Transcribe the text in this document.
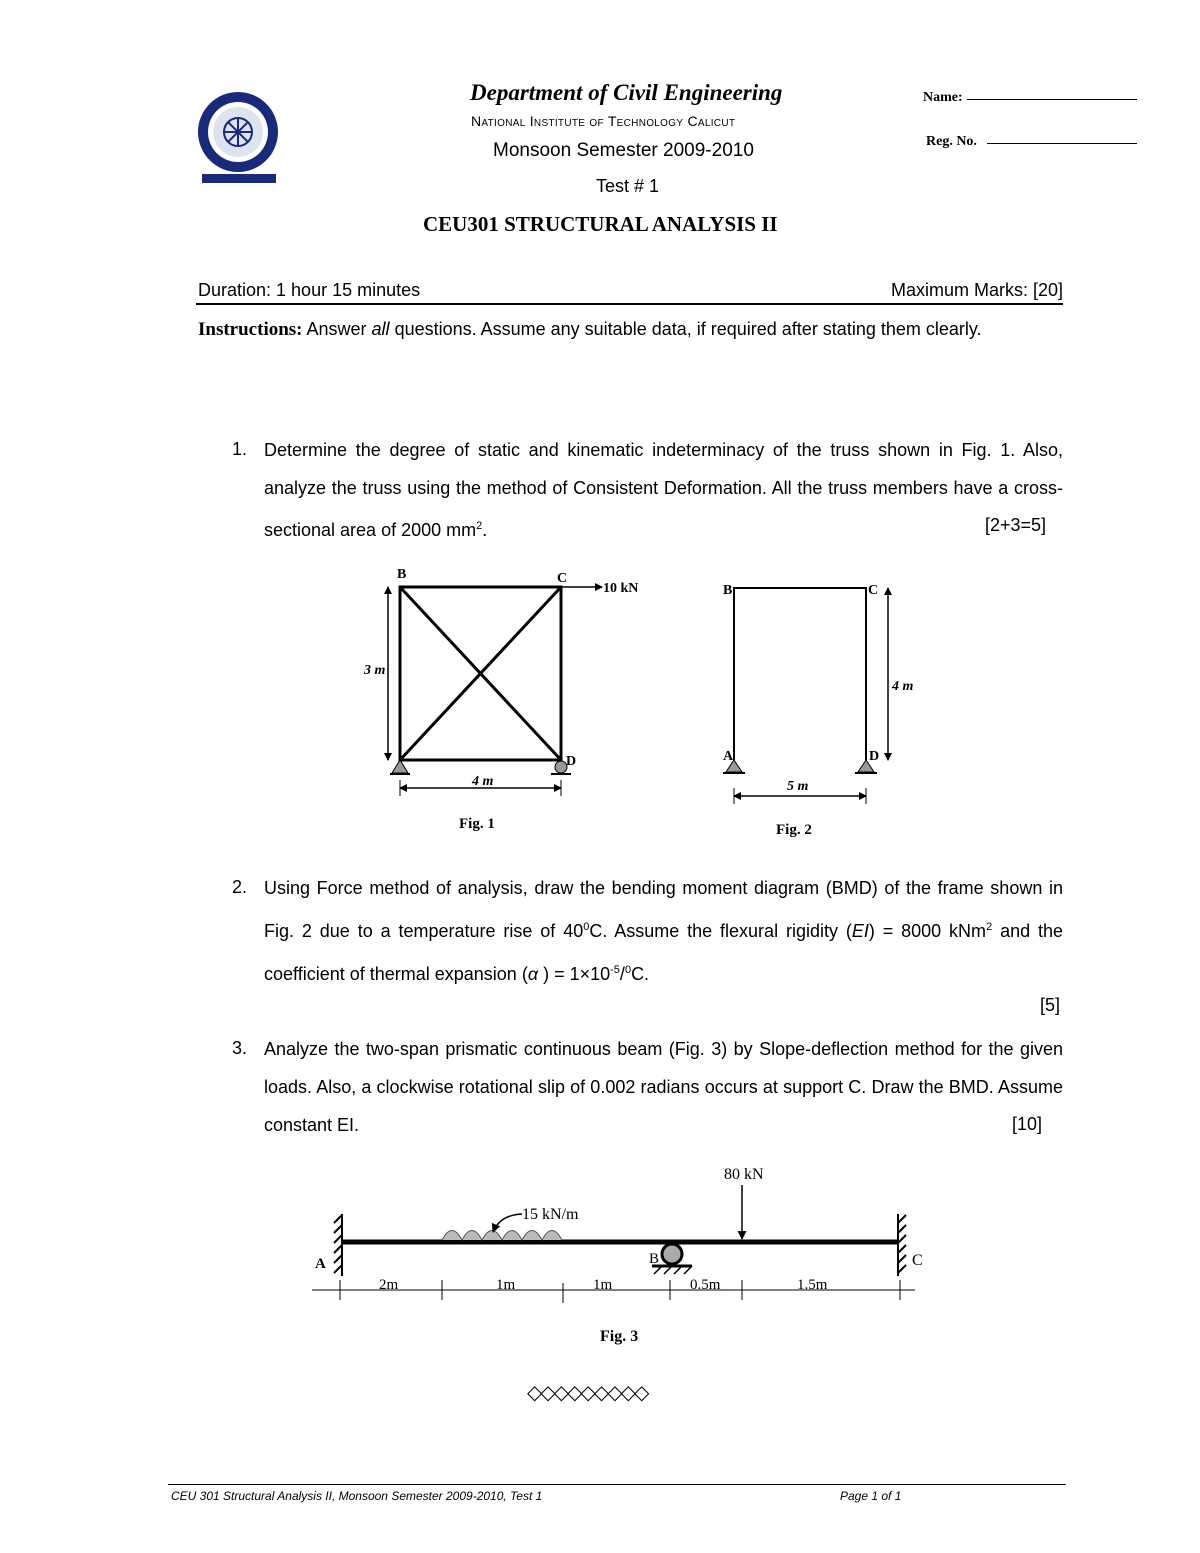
Department of Civil Engineering
National Institute of Technology Calicut
Monsoon Semester 2009-2010
Test # 1
CEU301 STRUCTURAL ANALYSIS II
Name:
Reg. No.
Duration: 1 hour 15 minutes	Maximum Marks: [20]
Instructions: Answer all questions. Assume any suitable data, if required after stating them clearly.
1. Determine the degree of static and kinematic indeterminacy of the truss shown in Fig. 1. Also, analyze the truss using the method of Consistent Deformation. All the truss members have a cross-sectional area of 2000 $mm^2$.	[2+3=5]
B	C
D
10 kN
3 m
4 m
Fig. 1
B	C
A	D
4 m
5 m
Fig. 2
2. Using Force method of analysis, draw the bending moment diagram (BMD) of the frame shown in Fig. 2 due to a temperature rise of $40^0C$. Assume the flexural rigidity (EI) = 8000 kNm$^2$ and the coefficient of thermal expansion (α ) = $1\times 10^{-5}/^0C$.
[5]
3. Analyze the two-span prismatic continuous beam (Fig. 3) by Slope-deflection method for the given loads. Also, a clockwise rotational slip of 0.002 radians occurs at support C. Draw the BMD. Assume constant EI.	[10]
80 kN
15 kN/m
A	B	C
2m	1m	1m	0.5m	1.5m
Fig. 3
◇◇◇◇◇◇◇◇◇
CEU 301 Structural Analysis II, Monsoon Semester 2009-2010, Test 1	Page 1 of 1
